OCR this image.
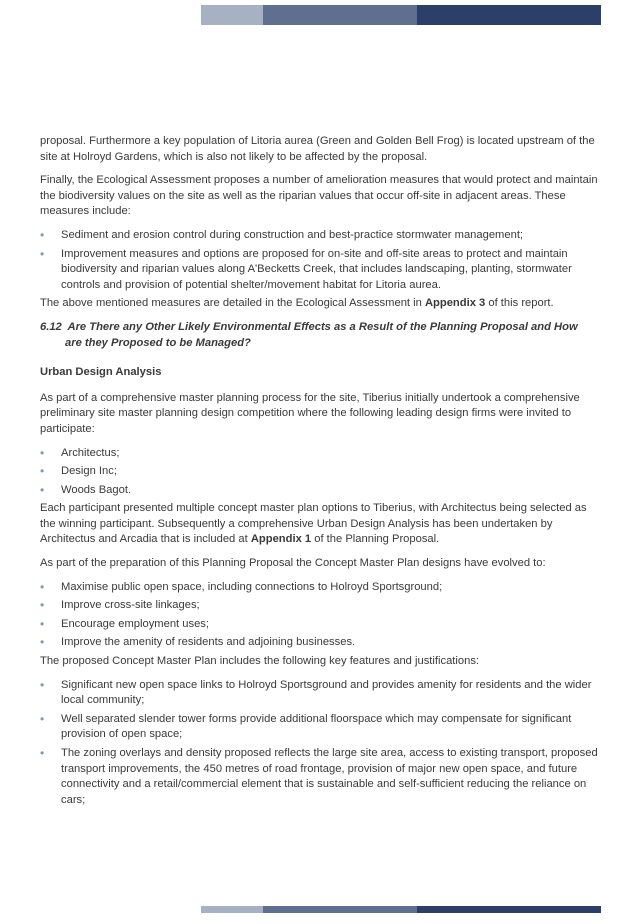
proposal. Furthermore a key population of Litoria aurea (Green and Golden Bell Frog) is located upstream of the site at Holroyd Gardens, which is also not likely to be affected by the proposal.

Finally, the Ecological Assessment proposes a number of amelioration measures that would protect and maintain the biodiversity values on the site as well as the riparian values that occur off-site in adjacent areas. These measures include:

• Sediment and erosion control during construction and best-practice stormwater management;
• Improvement measures and options are proposed for on-site and off-site areas to protect and maintain biodiversity and riparian values along A'Becketts Creek, that includes landscaping, planting, stormwater controls and provision of potential shelter/movement habitat for Litoria aurea.

The above mentioned measures are detailed in the Ecological Assessment in Appendix 3 of this report.

6.12 Are There any Other Likely Environmental Effects as a Result of the Planning Proposal and How
are they Proposed to be Managed?
Urban Design Analysis

As part of a comprehensive master planning process for the site, Tiberius initially undertook a comprehensive preliminary site master planning design competition where the following leading design firms were invited to participate:

• Architectus;
• Design Inc;
• Woods Bagot.

Each participant presented multiple concept master plan options to Tiberius, with Architectus being selected as the winning participant. Subsequently a comprehensive Urban Design Analysis has been undertaken by Architectus and Arcadia that is included at Appendix 1 of the Planning Proposal.

As part of the preparation of this Planning Proposal the Concept Master Plan designs have evolved to:

• Maximise public open space, including connections to Holroyd Sportsground;
• Improve cross-site linkages;
• Encourage employment uses;
• Improve the amenity of residents and adjoining businesses.

The proposed Concept Master Plan includes the following key features and justifications:

• Significant new open space links to Holroyd Sportsground and provides amenity for residents and the wider local community;
• Well separated slender tower forms provide additional floorspace which may compensate for significant provision of open space;
• The zoning overlays and density proposed reflects the large site area, access to existing transport, proposed transport improvements, the 450 metres of road frontage, provision of major new open space, and future connectivity and a retail/commercial element that is sustainable and self-sufficient reducing the reliance on cars;
